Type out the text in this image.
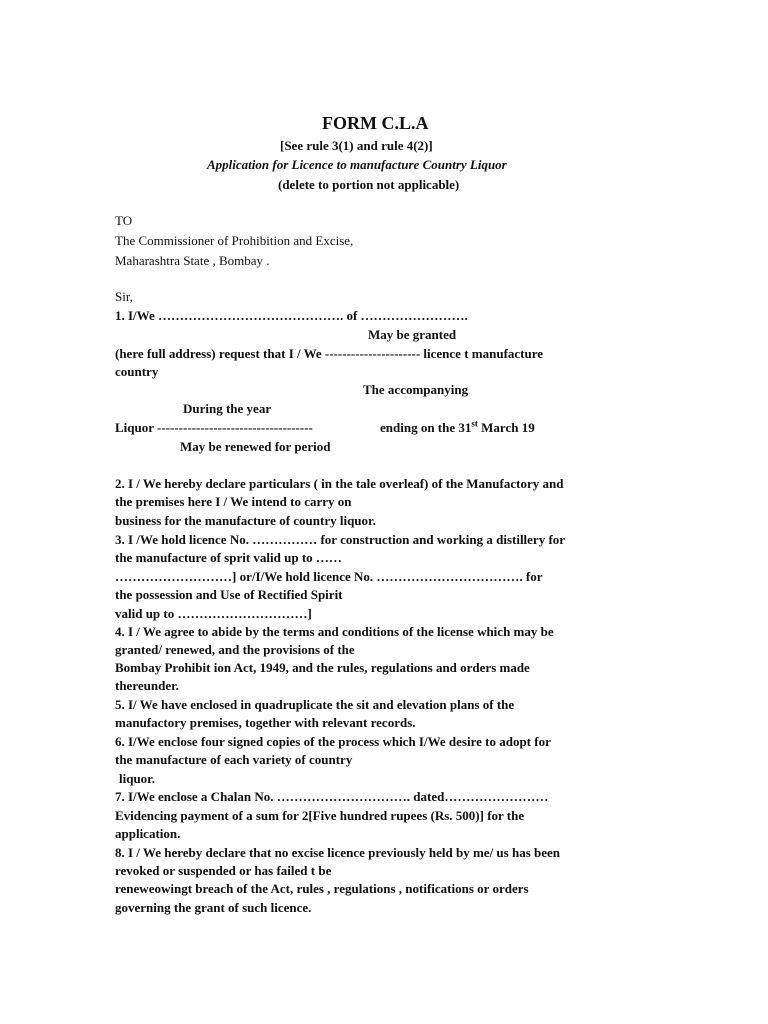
FORM C.L.A
[See rule 3(1) and rule 4(2)]
Application for Licence to manufacture Country Liquor
(delete to portion not applicable)
TO
The Commissioner of Prohibition and Excise,
Maharashtra State , Bombay .
Sir,
1. I/We ……………………………………. of …………………….
May be granted
(here full address) request that I / We ---------------------- licence t manufacture
country
The accompanying
During the year
Liquor ------------------------------------	ending on the 31st March 19
May be renewed for period
2. I / We hereby declare particulars ( in the tale overleaf) of the Manufactory and
the premises here I / We intend to carry on
business for the manufacture of country liquor.
3. I /We hold licence No. …………… for construction and working a distillery for
the manufacture of sprit valid up to ……
………………………] or/I/We hold licence No. ……………………………. for
the possession and Use of Rectified Spirit
valid up to …………………………]
4. I / We agree to abide by the terms and conditions of the license which may be
granted/ renewed, and the provisions of the
Bombay Prohibit ion Act, 1949, and the rules, regulations and orders made
thereunder.
5. I/ We have enclosed in quadruplicate the sit and elevation plans of the
manufactory premises, together with relevant records.
6. I/We enclose four signed copies of the process which I/We desire to adopt for
the manufacture of each variety of country
liquor.
7. I/We enclose a Chalan No. …………………………. dated……………………
Evidencing payment of a sum for 2[Five hundred rupees (Rs. 500)] for the
application.
8. I / We hereby declare that no excise licence previously held by me/ us has been
revoked or suspended or has failed t be
reneweowingt breach of the Act, rules , regulations , notifications or orders
governing the grant of such licence.
